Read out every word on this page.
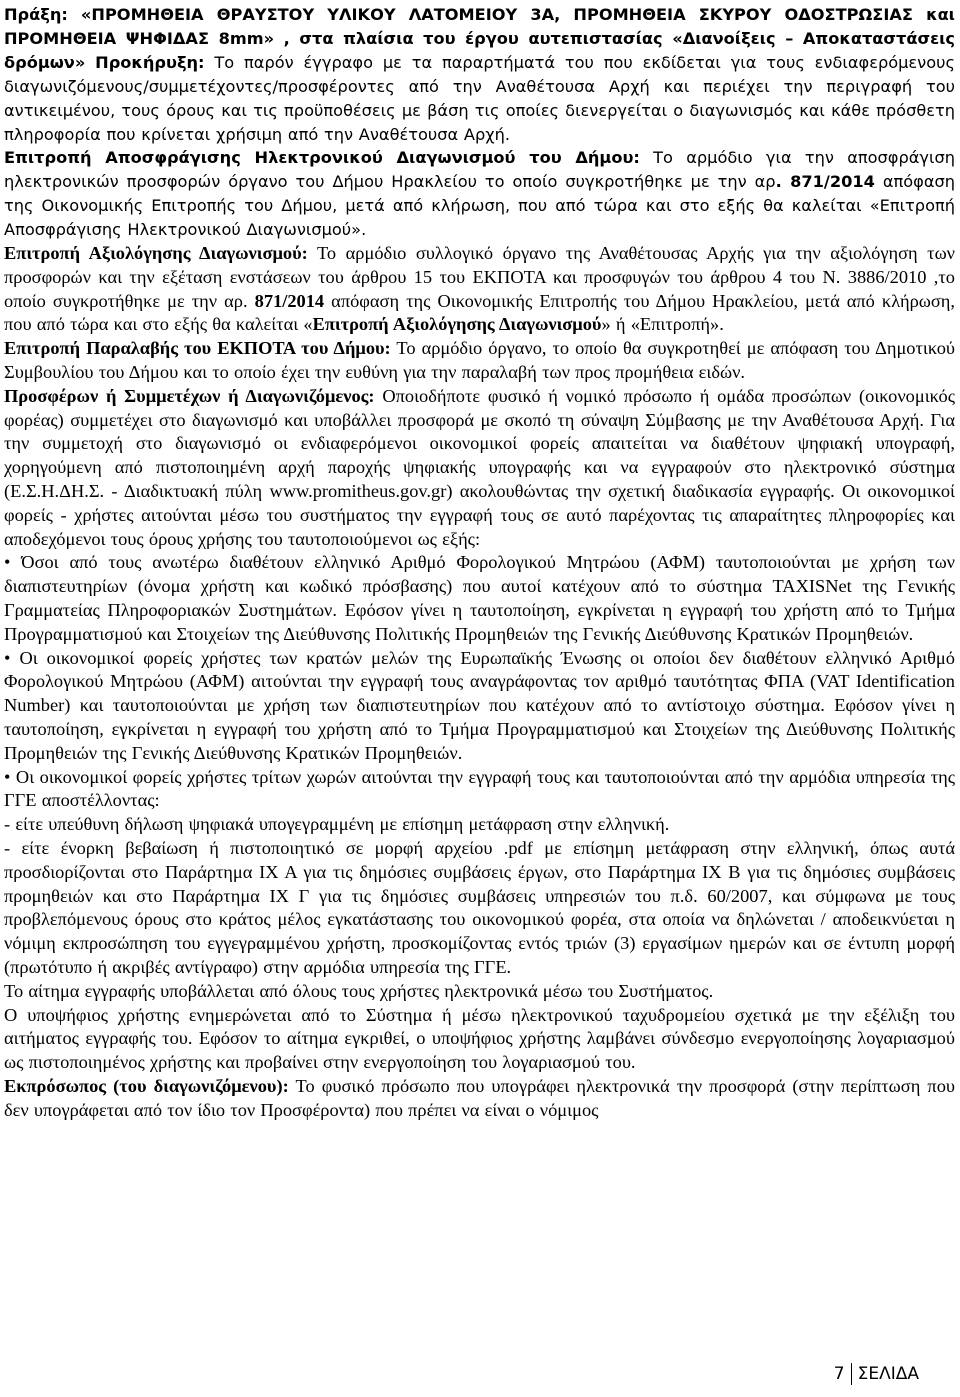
Πράξη: «ΠΡΟΜΗΘΕΙΑ ΘΡΑΥΣΤΟΥ ΥΛΙΚΟΥ ΛΑΤΟΜΕΙΟΥ 3Α, ΠΡΟΜΗΘΕΙΑ ΣΚΥΡΟΥ ΟΔΟΣΤΡΩΣΙΑΣ και ΠΡΟΜΗΘΕΙΑ ΨΗΦΙΔΑΣ 8mm» , στα πλαίσια του έργου αυτεπιστασίας «Διανοίξεις – Αποκαταστάσεις δρόμων» Προκήρυξη: Το παρόν έγγραφο με τα παραρτήματά του που εκδίδεται για τους ενδιαφερόμενους διαγωνιζόμενους/συμμετέχοντες/προσφέροντες από την Αναθέτουσα Αρχή και περιέχει την περιγραφή του αντικειμένου, τους όρους και τις προϋποθέσεις με βάση τις οποίες διενεργείται ο διαγωνισμός και κάθε πρόσθετη πληροφορία που κρίνεται χρήσιμη από την Αναθέτουσα Αρχή.

Επιτροπή Αποσφράγισης Ηλεκτρονικού Διαγωνισμού του Δήμου: Το αρμόδιο για την αποσφράγιση ηλεκτρονικών προσφορών όργανο του Δήμου Ηρακλείου το οποίο συγκροτήθηκε με την αρ. 871/2014 απόφαση της Οικονομικής Επιτροπής του Δήμου, μετά από κλήρωση, που από τώρα και στο εξής θα καλείται «Επιτροπή Αποσφράγισης Ηλεκτρονικού Διαγωνισμού».

Επιτροπή Αξιολόγησης Διαγωνισμού: Το αρμόδιο συλλογικό όργανο της Αναθέτουσας Αρχής για την αξιολόγηση των προσφορών και την εξέταση ενστάσεων του άρθρου 15 του ΕΚΠΟΤΑ και προσφυγών του άρθρου 4 του Ν. 3886/2010 ,το οποίο συγκροτήθηκε με την αρ. 871/2014 απόφαση της Οικονομικής Επιτροπής του Δήμου Ηρακλείου, μετά από κλήρωση, που από τώρα και στο εξής θα καλείται «Επιτροπή Αξιολόγησης Διαγωνισμού» ή «Επιτροπή».

Επιτροπή Παραλαβής του ΕΚΠΟΤΑ του Δήμου: Το αρμόδιο όργανο, το οποίο θα συγκροτηθεί με απόφαση του Δημοτικού Συμβουλίου του Δήμου και το οποίο έχει την ευθύνη για την παραλαβή των προς προμήθεια ειδών.

Προσφέρων ή Συμμετέχων ή Διαγωνιζόμενος: Οποιοδήποτε φυσικό ή νομικό πρόσωπο ή ομάδα προσώπων (οικονομικός φορέας) συμμετέχει στο διαγωνισμό και υποβάλλει προσφορά με σκοπό τη σύναψη Σύμβασης με την Αναθέτουσα Αρχή. Για την συμμετοχή στο διαγωνισμό οι ενδιαφερόμενοι οικονομικοί φορείς απαιτείται να διαθέτουν ψηφιακή υπογραφή, χορηγούμενη από πιστοποιημένη αρχή παροχής ψηφιακής υπογραφής και να εγγραφούν στο ηλεκτρονικό σύστημα (Ε.Σ.Η.ΔΗ.Σ. - Διαδικτυακή πύλη www.promitheus.gov.gr) ακολουθώντας την σχετική διαδικασία εγγραφής. Οι οικονομικοί φορείς - χρήστες αιτούνται μέσω του συστήματος την εγγραφή τους σε αυτό παρέχοντας τις απαραίτητες πληροφορίες και αποδεχόμενοι τους όρους χρήσης του ταυτοποιούμενοι ως εξής:

• Όσοι από τους ανωτέρω διαθέτουν ελληνικό Αριθμό Φορολογικού Μητρώου (ΑΦΜ) ταυτοποιούνται με χρήση των διαπιστευτηρίων (όνομα χρήστη και κωδικό πρόσβασης) που αυτοί κατέχουν από το σύστημα TAXISNet της Γενικής Γραμματείας Πληροφοριακών Συστημάτων. Εφόσον γίνει η ταυτοποίηση, εγκρίνεται η εγγραφή του χρήστη από το Τμήμα Προγραμματισμού και Στοιχείων της Διεύθυνσης Πολιτικής Προμηθειών της Γενικής Διεύθυνσης Κρατικών Προμηθειών.

• Οι οικονομικοί φορείς χρήστες των κρατών μελών της Ευρωπαϊκής Ένωσης οι οποίοι δεν διαθέτουν ελληνικό Αριθμό Φορολογικού Μητρώου (ΑΦΜ) αιτούνται την εγγραφή τους αναγράφοντας τον αριθμό ταυτότητας ΦΠΑ (VAT Identification Number) και ταυτοποιούνται με χρήση των διαπιστευτηρίων που κατέχουν από το αντίστοιχο σύστημα. Εφόσον γίνει η ταυτοποίηση, εγκρίνεται η εγγραφή του χρήστη από το Τμήμα Προγραμματισμού και Στοιχείων της Διεύθυνσης Πολιτικής Προμηθειών της Γενικής Διεύθυνσης Κρατικών Προμηθειών.

• Οι οικονομικοί φορείς χρήστες τρίτων χωρών αιτούνται την εγγραφή τους και ταυτοποιούνται από την αρμόδια υπηρεσία της ΓΓΕ αποστέλλοντας:

- είτε υπεύθυνη δήλωση ψηφιακά υπογεγραμμένη με επίσημη μετάφραση στην ελληνική.

- είτε ένορκη βεβαίωση ή πιστοποιητικό σε μορφή αρχείου .pdf με επίσημη μετάφραση στην ελληνική, όπως αυτά προσδιορίζονται στο Παράρτημα ΙΧ Α για τις δημόσιες συμβάσεις έργων, στο Παράρτημα ΙΧ Β για τις δημόσιες συμβάσεις προμηθειών και στο Παράρτημα ΙΧ Γ για τις δημόσιες συμβάσεις υπηρεσιών του π.δ. 60/2007, και σύμφωνα με τους προβλεπόμενους όρους στο κράτος μέλος εγκατάστασης του οικονομικού φορέα, στα οποία να δηλώνεται / αποδεικνύεται η νόμιμη εκπροσώπηση του εγγεγραμμένου χρήστη, προσκομίζοντας εντός τριών (3) εργασίμων ημερών και σε έντυπη μορφή (πρωτότυπο ή ακριβές αντίγραφο) στην αρμόδια υπηρεσία της ΓΓΕ.

Το αίτημα εγγραφής υποβάλλεται από όλους τους χρήστες ηλεκτρονικά μέσω του Συστήματος.

Ο υποψήφιος χρήστης ενημερώνεται από το Σύστημα ή μέσω ηλεκτρονικού ταχυδρομείου σχετικά με την εξέλιξη του αιτήματος εγγραφής του. Εφόσον το αίτημα εγκριθεί, ο υποψήφιος χρήστης λαμβάνει σύνδεσμο ενεργοποίησης λογαριασμού ως πιστοποιημένος χρήστης και προβαίνει στην ενεργοποίηση του λογαριασμού του.

Εκπρόσωπος (του διαγωνιζόμενου): Το φυσικό πρόσωπο που υπογράφει ηλεκτρονικά την προσφορά (στην περίπτωση που δεν υπογράφεται από τον ίδιο τον Προσφέροντα) που πρέπει να είναι ο νόμιμος

7 ΣΕΛΙΔΑ
